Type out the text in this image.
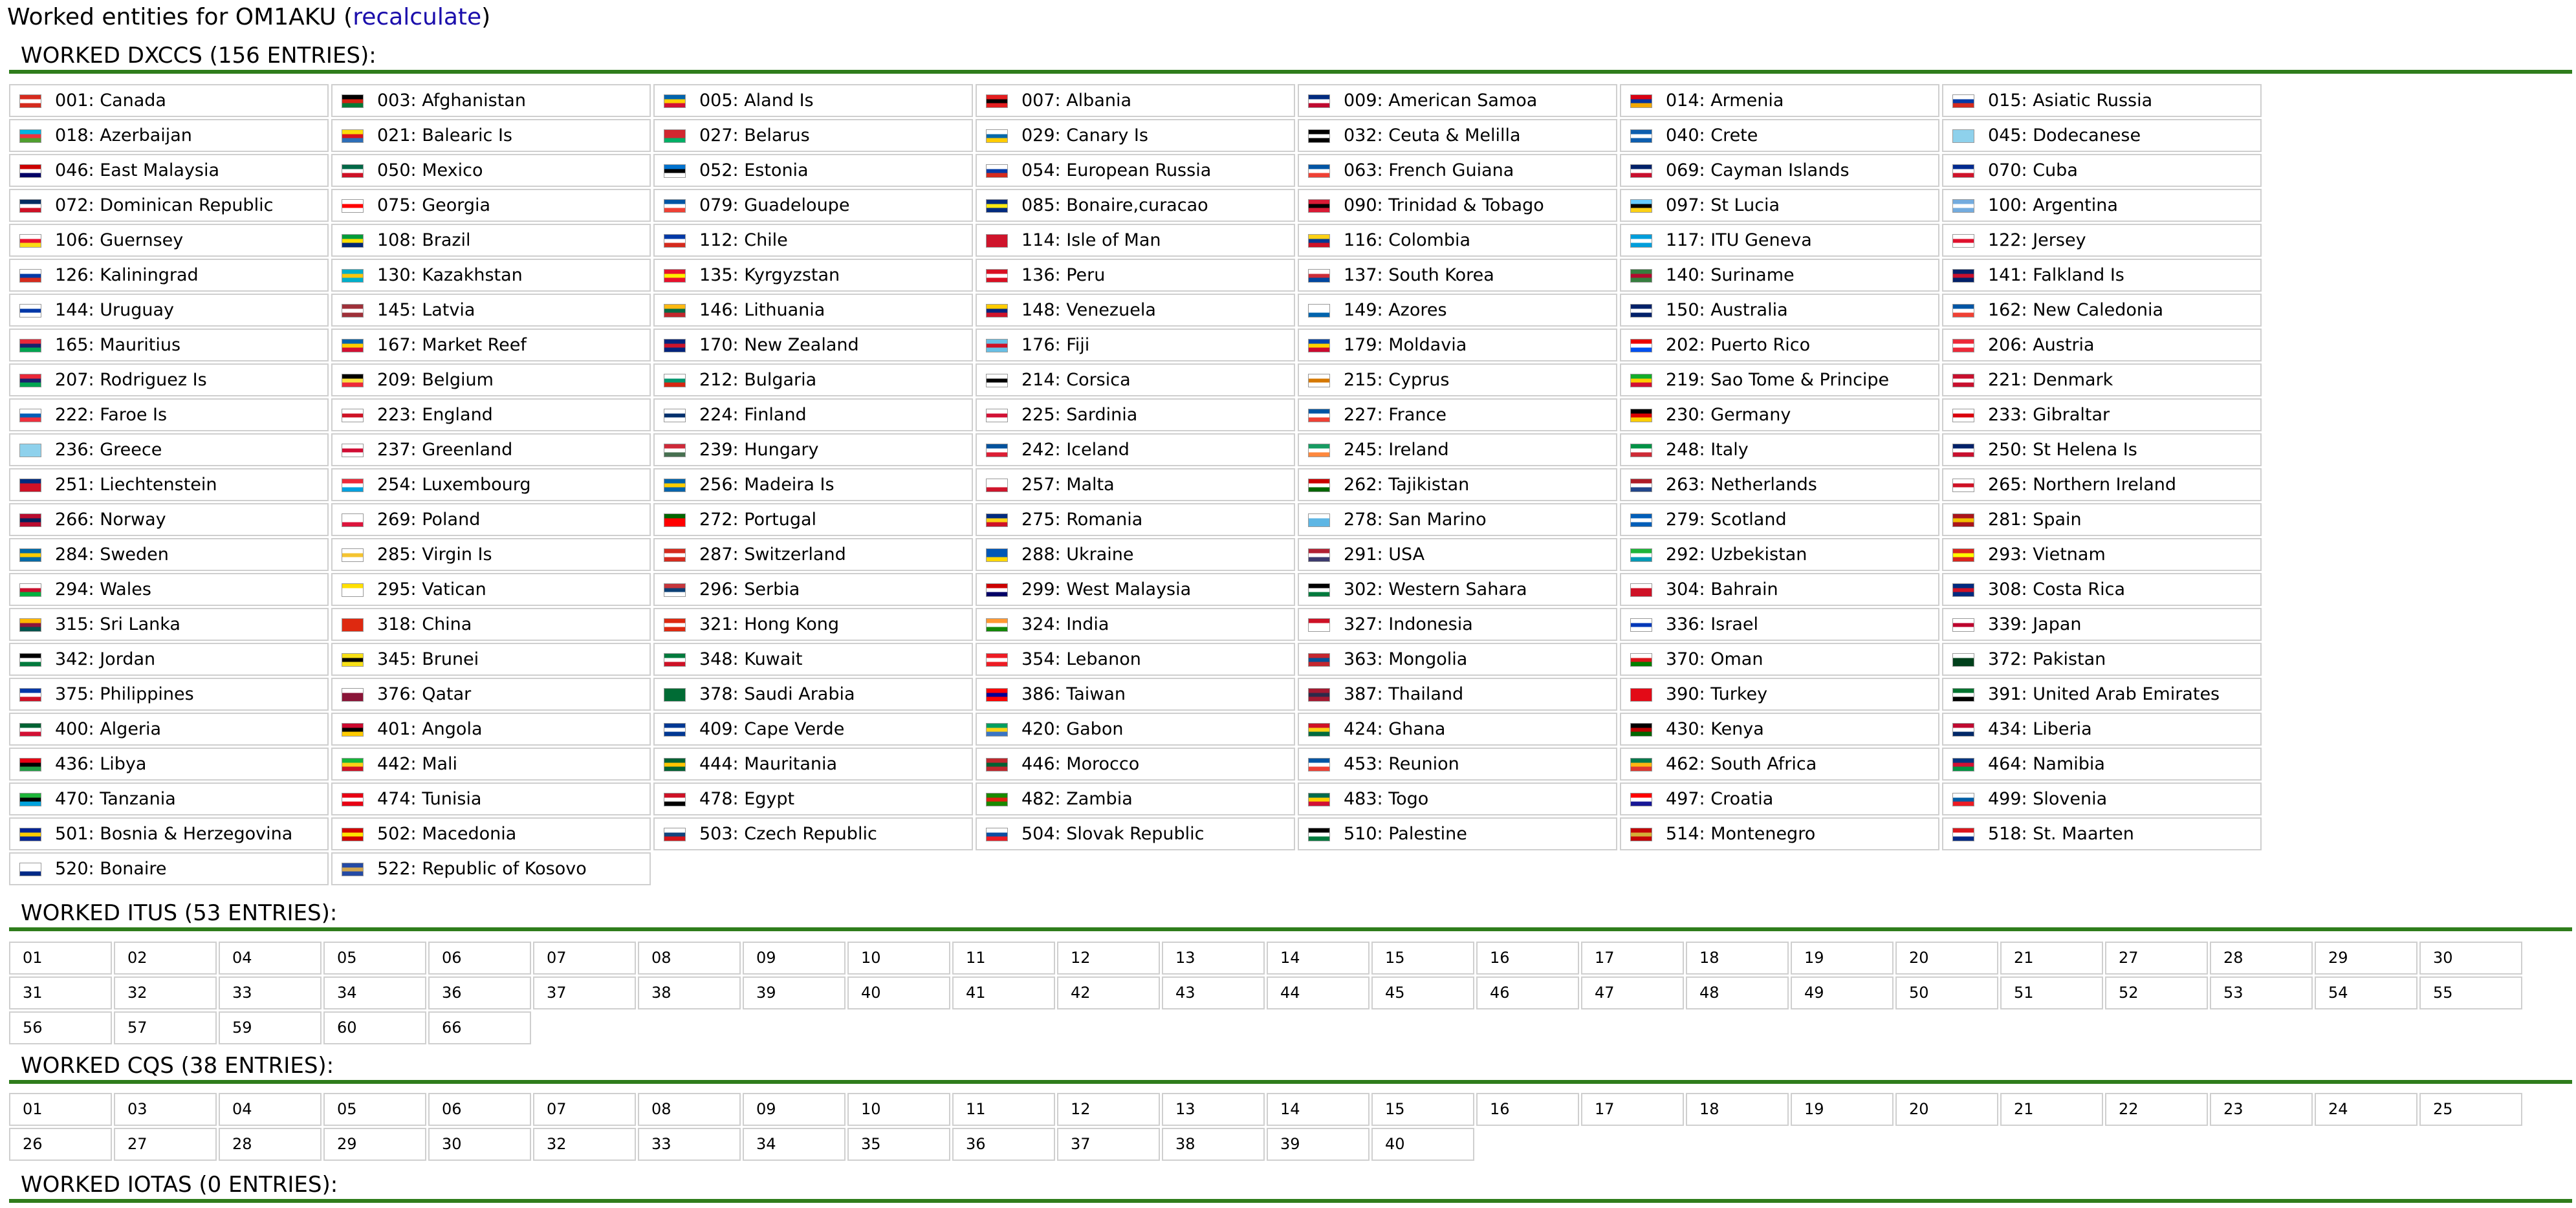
Worked entities for OM1AKU (recalculate)
WORKED DXCCS (156 ENTRIES):
001: Canada	003: Afghanistan	005: Aland Is	007: Albania	009: American Samoa	014: Armenia	015: Asiatic Russia
018: Azerbaijan	021: Balearic Is	027: Belarus	029: Canary Is	032: Ceuta & Melilla	040: Crete	045: Dodecanese
046: East Malaysia	050: Mexico	052: Estonia	054: European Russia	063: French Guiana	069: Cayman Islands	070: Cuba
072: Dominican Republic	075: Georgia	079: Guadeloupe	085: Bonaire,curacao	090: Trinidad & Tobago	097: St Lucia	100: Argentina
106: Guernsey	108: Brazil	112: Chile	114: Isle of Man	116: Colombia	117: ITU Geneva	122: Jersey
126: Kaliningrad	130: Kazakhstan	135: Kyrgyzstan	136: Peru	137: South Korea	140: Suriname	141: Falkland Is
144: Uruguay	145: Latvia	146: Lithuania	148: Venezuela	149: Azores	150: Australia	162: New Caledonia
165: Mauritius	167: Market Reef	170: New Zealand	176: Fiji	179: Moldavia	202: Puerto Rico	206: Austria
207: Rodriguez Is	209: Belgium	212: Bulgaria	214: Corsica	215: Cyprus	219: Sao Tome & Principe	221: Denmark
222: Faroe Is	223: England	224: Finland	225: Sardinia	227: France	230: Germany	233: Gibraltar
236: Greece	237: Greenland	239: Hungary	242: Iceland	245: Ireland	248: Italy	250: St Helena Is
251: Liechtenstein	254: Luxembourg	256: Madeira Is	257: Malta	262: Tajikistan	263: Netherlands	265: Northern Ireland
266: Norway	269: Poland	272: Portugal	275: Romania	278: San Marino	279: Scotland	281: Spain
284: Sweden	285: Virgin Is	287: Switzerland	288: Ukraine	291: USA	292: Uzbekistan	293: Vietnam
294: Wales	295: Vatican	296: Serbia	299: West Malaysia	302: Western Sahara	304: Bahrain	308: Costa Rica
315: Sri Lanka	318: China	321: Hong Kong	324: India	327: Indonesia	336: Israel	339: Japan
342: Jordan	345: Brunei	348: Kuwait	354: Lebanon	363: Mongolia	370: Oman	372: Pakistan
375: Philippines	376: Qatar	378: Saudi Arabia	386: Taiwan	387: Thailand	390: Turkey	391: United Arab Emirates
400: Algeria	401: Angola	409: Cape Verde	420: Gabon	424: Ghana	430: Kenya	434: Liberia
436: Libya	442: Mali	444: Mauritania	446: Morocco	453: Reunion	462: South Africa	464: Namibia
470: Tanzania	474: Tunisia	478: Egypt	482: Zambia	483: Togo	497: Croatia	499: Slovenia
501: Bosnia & Herzegovina	502: Macedonia	503: Czech Republic	504: Slovak Republic	510: Palestine	514: Montenegro	518: St. Maarten
520: Bonaire	522: Republic of Kosovo
WORKED ITUS (53 ENTRIES):
01	02	04	05	06	07	08	09	10	11	12	13	14	15	16	17	18	19	20	21	27	28	29	30
31	32	33	34	36	37	38	39	40	41	42	43	44	45	46	47	48	49	50	51	52	53	54	55
56	57	59	60	66
WORKED CQS (38 ENTRIES):
01	03	04	05	06	07	08	09	10	11	12	13	14	15	16	17	18	19	20	21	22	23	24	25
26	27	28	29	30	32	33	34	35	36	37	38	39	40
WORKED IOTAS (0 ENTRIES):
